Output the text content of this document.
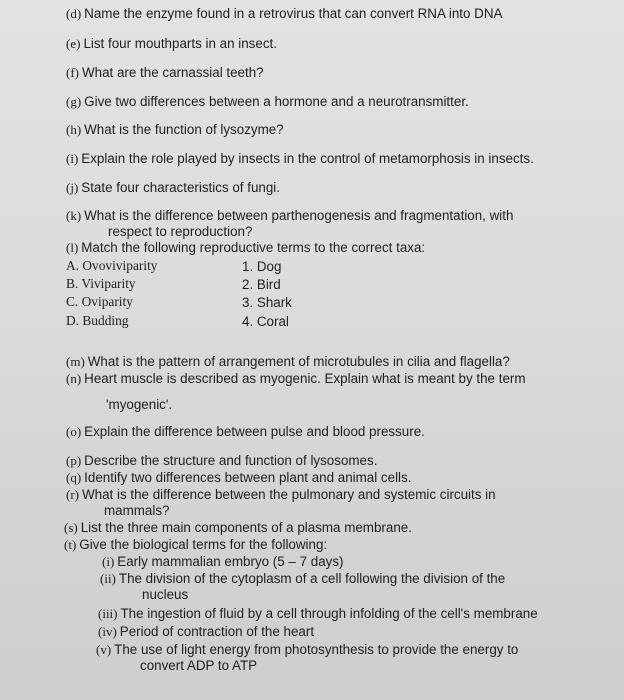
(d) Name the enzyme found in a retrovirus that can convert RNA into DNA
(e) List four mouthparts in an insect.
(f) What are the carnassial teeth?
(g) Give two differences between a hormone and a neurotransmitter.
(h) What is the function of lysozyme?
(i) Explain the role played by insects in the control of metamorphosis in insects.
(j) State four characteristics of fungi.
(k) What is the difference between parthenogenesis and fragmentation, with
respect to reproduction?
(l) Match the following reproductive terms to the correct taxa:
A. Ovoviviparity
B. Viviparity
C. Oviparity
D. Budding
1. Dog
2. Bird
3. Shark
4. Coral
(m) What is the pattern of arrangement of microtubules in cilia and flagella?
(n) Heart muscle is described as myogenic. Explain what is meant by the term
'myogenic'.
(o) Explain the difference between pulse and blood pressure.
(p) Describe the structure and function of lysosomes.
(q) Identify two differences between plant and animal cells.
(r) What is the difference between the pulmonary and systemic circuits in
mammals?
(s) List the three main components of a plasma membrane.
(t) Give the biological terms for the following:
(i) Early mammalian embryo (5 – 7 days)
(ii) The division of the cytoplasm of a cell following the division of the
nucleus
(iii) The ingestion of fluid by a cell through infolding of the cell's membrane
(iv) Period of contraction of the heart
(v) The use of light energy from photosynthesis to provide the energy to
convert ADP to ATP
